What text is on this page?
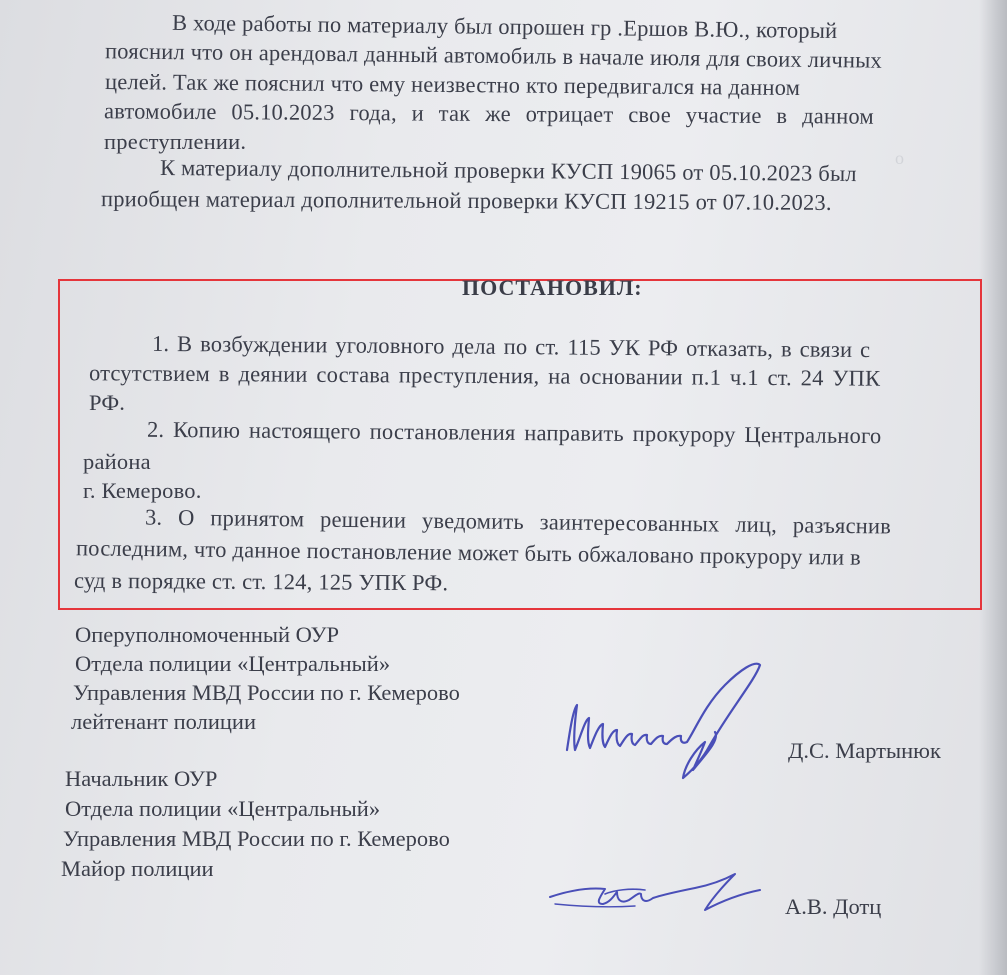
В ходе работы по материалу был опрошен гр .Ершов В.Ю., который
пояснил что он арендовал данный автомобиль в начале июля для своих личных
целей. Так же пояснил что ему неизвестно кто передвигался на данном
автомобиле 05.10.2023 года, и так же отрицает свое участие в данном
преступлении.
К материалу дополнительной проверки КУСП 19065 от 05.10.2023 был
приобщен материал дополнительной проверки КУСП 19215 от 07.10.2023.
о
ПОСТАНОВИЛ:
1. В возбуждении уголовного дела по ст. 115 УК РФ отказать, в связи с
отсутствием в деянии состава преступления, на основании п.1 ч.1 ст. 24 УПК
РФ.
2. Копию настоящего постановления направить прокурору Центрального
района
г. Кемерово.
3. О принятом решении уведомить заинтересованных лиц, разъяснив
последним, что данное постановление может быть обжаловано прокурору или в
суд в порядке ст. ст. 124, 125 УПК РФ.
Оперуполномоченный ОУР
Отдела полиции «Центральный»
Управления МВД России по г. Кемерово
лейтенант полиции
Д.С. Мартынюк
Начальник ОУР
Отдела полиции «Центральный»
Управления МВД России по г. Кемерово
Майор полиции
А.В. Дотц
